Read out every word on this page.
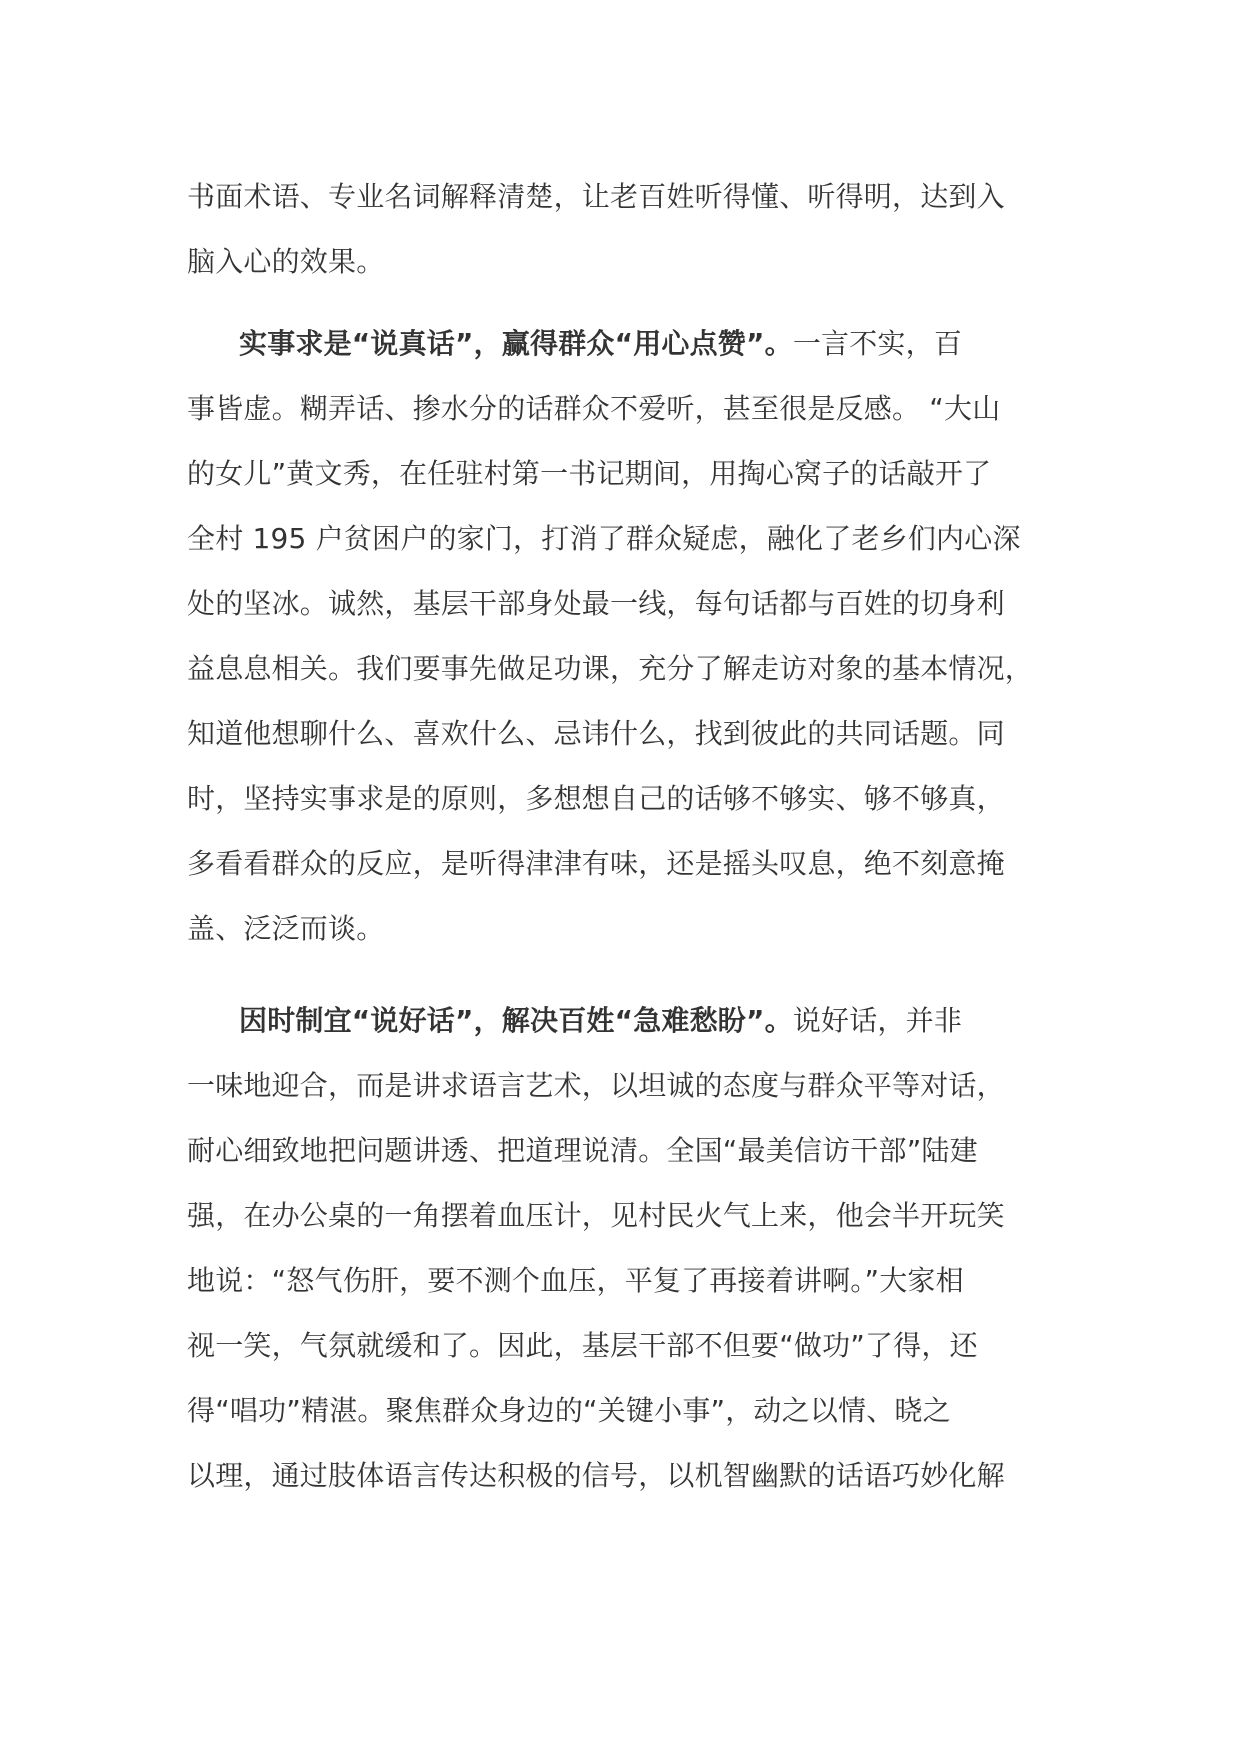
书面术语、专业名词解释清楚，让老百姓听得懂、听得明，达到入
脑入心的效果。
实事求是“说真话”，赢得群众“用心点赞”。一言不实，百
事皆虚。糊弄话、掺水分的话群众不爱听，甚至很是反感。 “大山
的女儿”黄文秀，在任驻村第一书记期间，用掏心窝子的话敲开了
全村 195 户贫困户的家门，打消了群众疑虑，融化了老乡们内心深
处的坚冰。诚然，基层干部身处最一线，每句话都与百姓的切身利
益息息相关。我们要事先做足功课，充分了解走访对象的基本情况，
知道他想聊什么、喜欢什么、忌讳什么，找到彼此的共同话题。同
时，坚持实事求是的原则，多想想自己的话够不够实、够不够真，
多看看群众的反应，是听得津津有味，还是摇头叹息，绝不刻意掩
盖、泛泛而谈。
因时制宜“说好话”，解决百姓“急难愁盼”。说好话，并非
一味地迎合，而是讲求语言艺术，以坦诚的态度与群众平等对话，
耐心细致地把问题讲透、把道理说清。全国“最美信访干部”陆建
强，在办公桌的一角摆着血压计，见村民火气上来，他会半开玩笑
地说：“怒气伤肝，要不测个血压，平复了再接着讲啊。”大家相
视一笑，气氛就缓和了。因此，基层干部不但要“做功”了得，还
得“唱功”精湛。聚焦群众身边的“关键小事”，动之以情、晓之
以理，通过肢体语言传达积极的信号，以机智幽默的话语巧妙化解
